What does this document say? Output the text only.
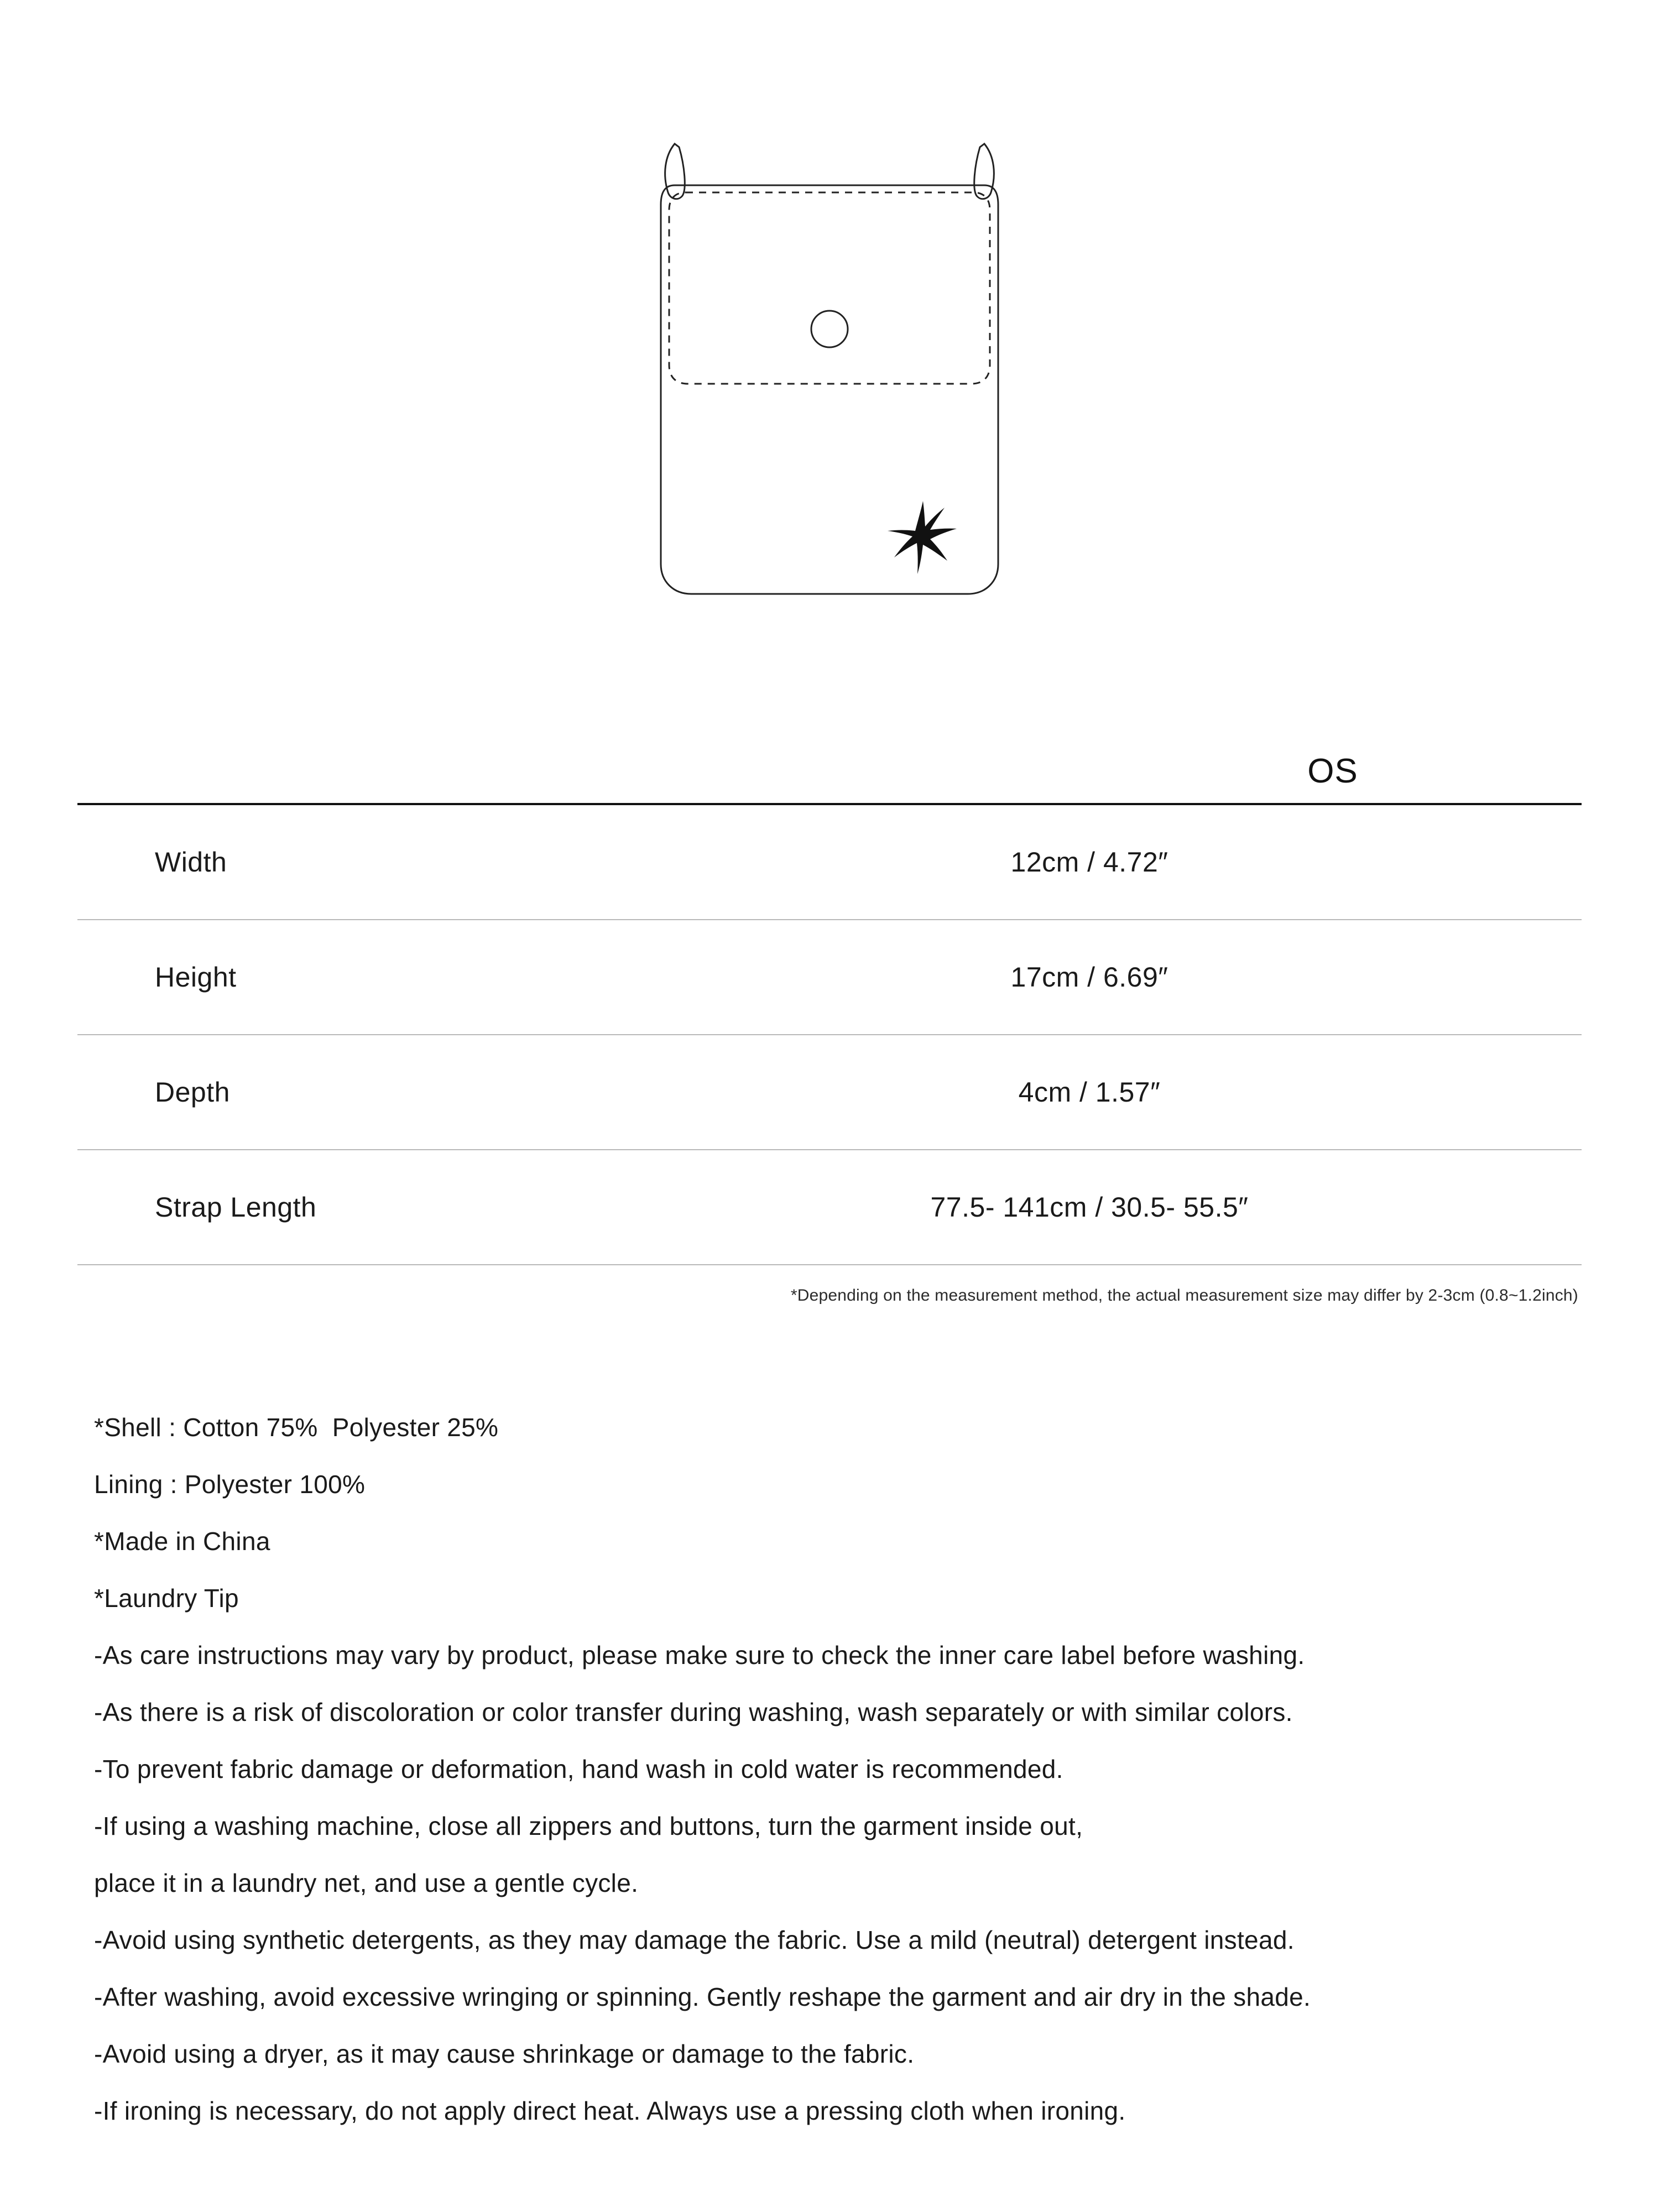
OS
Width	12cm / 4.72″
Height	17cm / 6.69″
Depth	4cm / 1.57″
Strap Length	77.5- 141cm / 30.5- 55.5″
*Depending on the measurement method, the actual measurement size may differ by 2-3cm (0.8~1.2inch)
*Shell : Cotton 75%  Polyester 25%
Lining : Polyester 100%
*Made in China
*Laundry Tip
-As care instructions may vary by product, please make sure to check the inner care label before washing.
-As there is a risk of discoloration or color transfer during washing, wash separately or with similar colors.
-To prevent fabric damage or deformation, hand wash in cold water is recommended.
-If using a washing machine, close all zippers and buttons, turn the garment inside out,
place it in a laundry net, and use a gentle cycle.
-Avoid using synthetic detergents, as they may damage the fabric. Use a mild (neutral) detergent instead.
-After washing, avoid excessive wringing or spinning. Gently reshape the garment and air dry in the shade.
-Avoid using a dryer, as it may cause shrinkage or damage to the fabric.
-If ironing is necessary, do not apply direct heat. Always use a pressing cloth when ironing.
